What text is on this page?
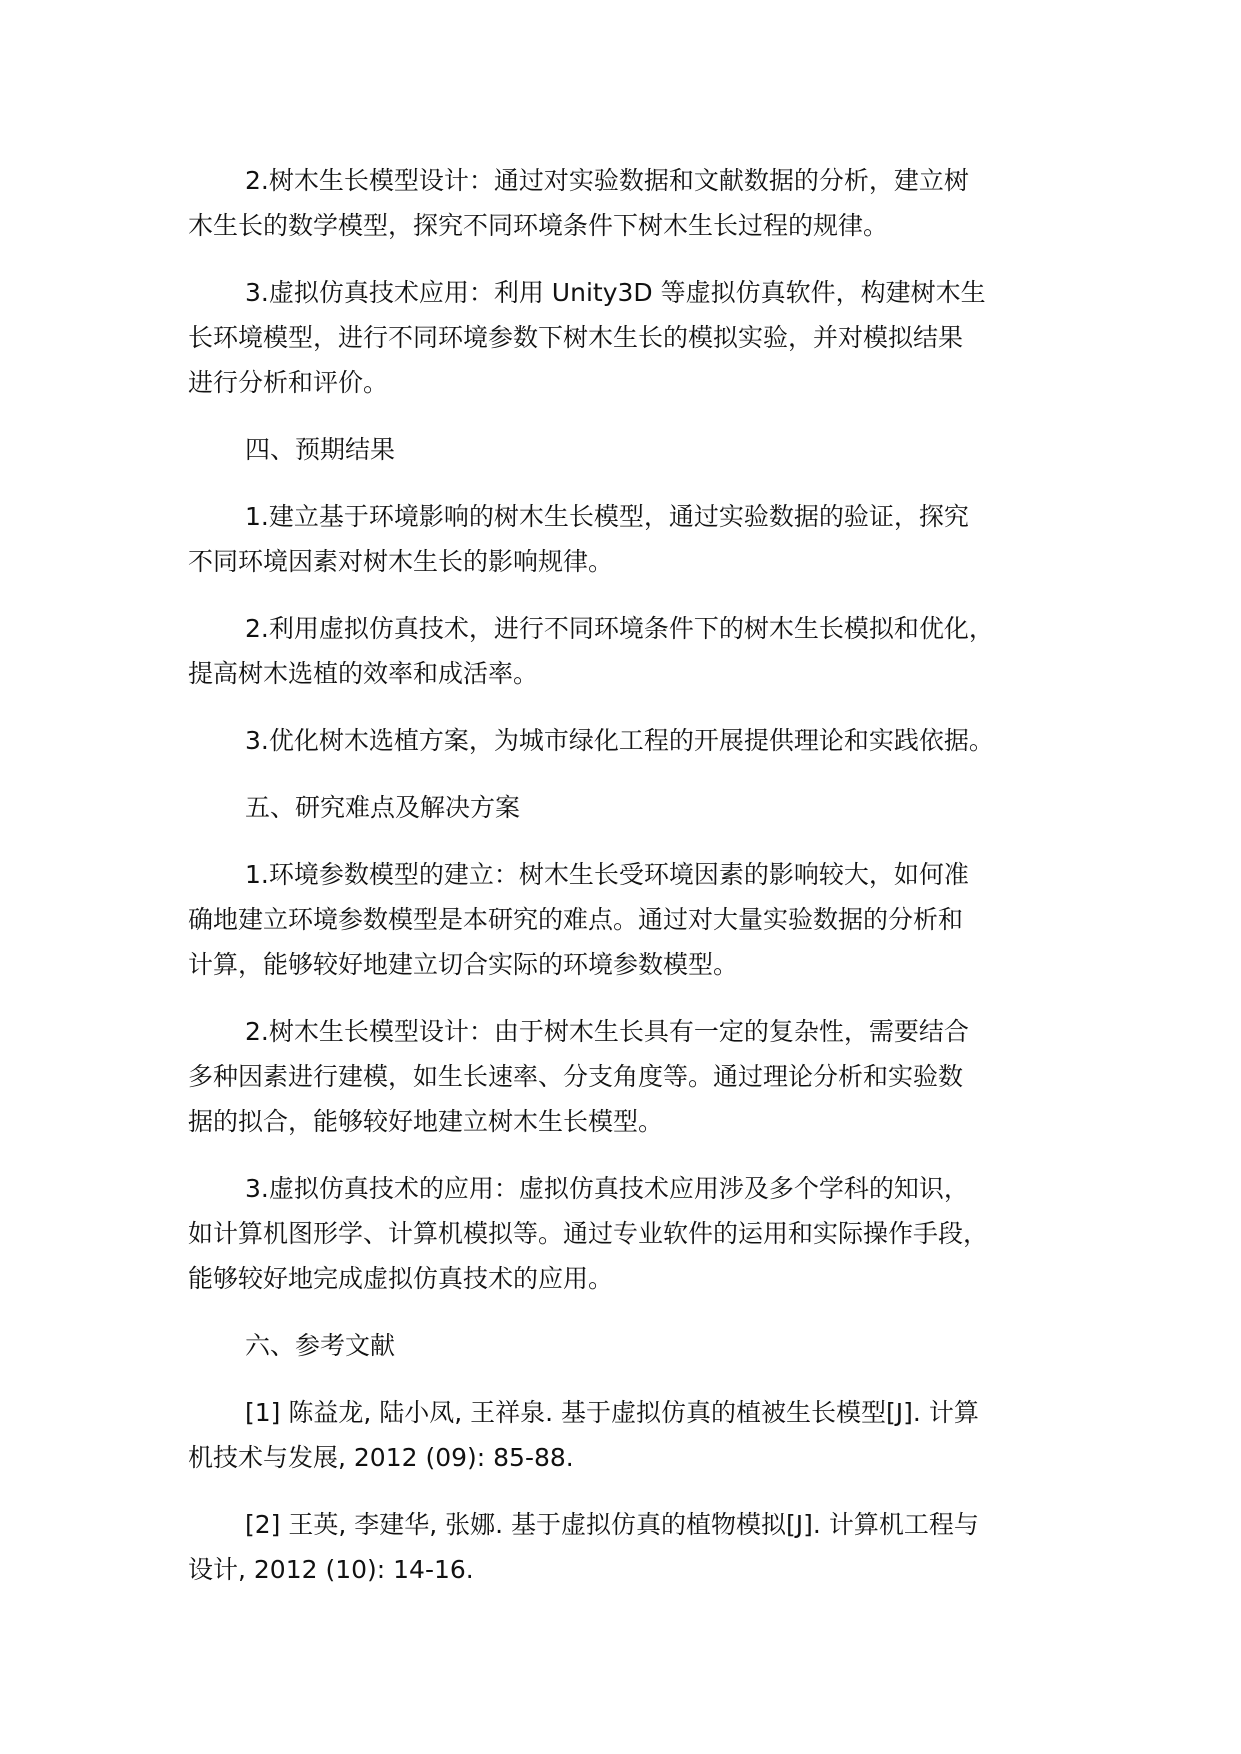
2.树木生长模型设计：通过对实验数据和文献数据的分析，建立树
木生长的数学模型，探究不同环境条件下树木生长过程的规律。
3.虚拟仿真技术应用：利用 Unity3D 等虚拟仿真软件，构建树木生
长环境模型，进行不同环境参数下树木生长的模拟实验，并对模拟结果
进行分析和评价。
四、预期结果
1.建立基于环境影响的树木生长模型，通过实验数据的验证，探究
不同环境因素对树木生长的影响规律。
2.利用虚拟仿真技术，进行不同环境条件下的树木生长模拟和优化，
提高树木选植的效率和成活率。
3.优化树木选植方案，为城市绿化工程的开展提供理论和实践依据。
五、研究难点及解决方案
1.环境参数模型的建立：树木生长受环境因素的影响较大，如何准
确地建立环境参数模型是本研究的难点。通过对大量实验数据的分析和
计算，能够较好地建立切合实际的环境参数模型。
2.树木生长模型设计：由于树木生长具有一定的复杂性，需要结合
多种因素进行建模，如生长速率、分支角度等。通过理论分析和实验数
据的拟合，能够较好地建立树木生长模型。
3.虚拟仿真技术的应用：虚拟仿真技术应用涉及多个学科的知识，
如计算机图形学、计算机模拟等。通过专业软件的运用和实际操作手段，
能够较好地完成虚拟仿真技术的应用。
六、参考文献
[1] 陈益龙, 陆小凤, 王祥泉. 基于虚拟仿真的植被生长模型[J]. 计算
机技术与发展, 2012 (09): 85-88.
[2] 王英, 李建华, 张娜. 基于虚拟仿真的植物模拟[J]. 计算机工程与
设计, 2012 (10): 14-16.
